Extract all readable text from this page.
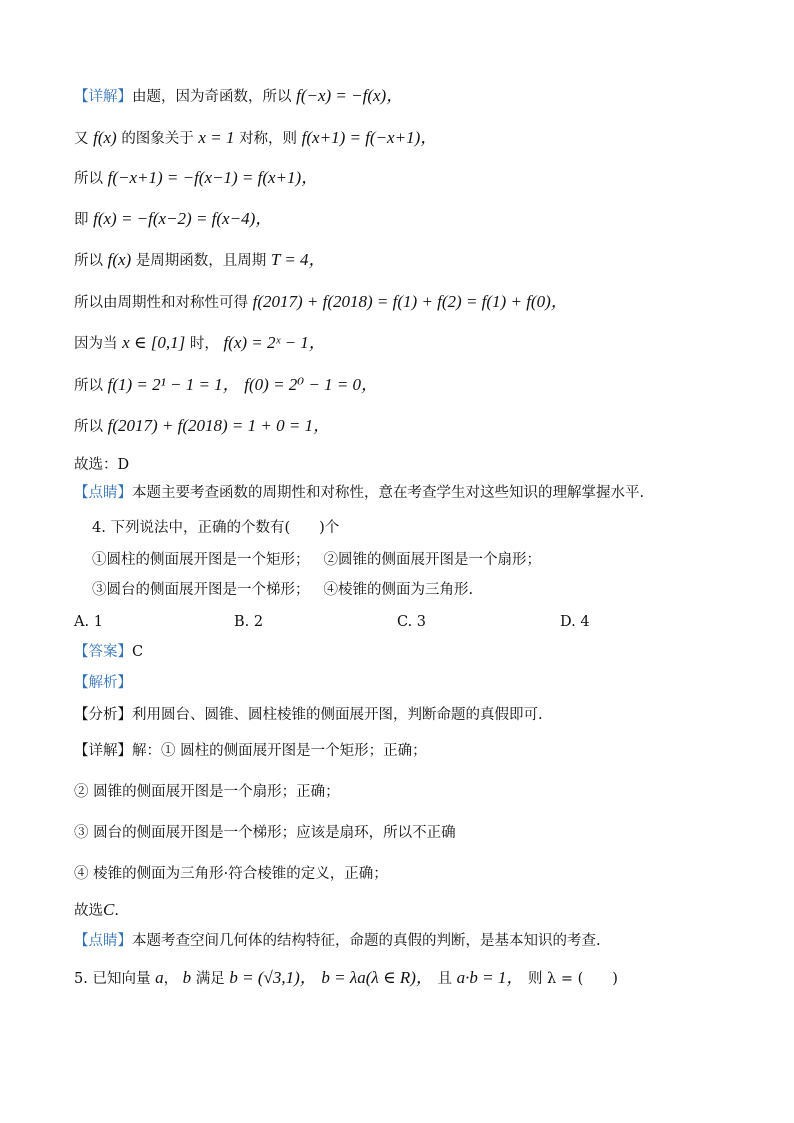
【详解】由题，因为奇函数，所以 f(−x) = −f(x)，
又 f(x) 的图象关于 x = 1 对称，则 f(x+1) = f(−x+1)，
所以 f(−x+1) = −f(x−1) = f(x+1)，
即 f(x) = −f(x−2) = f(x−4)，
所以 f(x) 是周期函数，且周期 T = 4，
所以由周期性和对称性可得 f(2017) + f(2018) = f(1) + f(2) = f(1) + f(0)，
因为当 x ∈ [0,1] 时， f(x) = 2ˣ − 1，
所以 f(1) = 2¹ − 1 = 1， f(0) = 2⁰ − 1 = 0，
所以 f(2017) + f(2018) = 1 + 0 = 1，
故选：D
【点睛】本题主要考查函数的周期性和对称性，意在考查学生对这些知识的理解掌握水平.
4. 下列说法中，正确的个数有(　　)个
①圆柱的侧面展开图是一个矩形； ②圆锥的侧面展开图是一个扇形；
③圆台的侧面展开图是一个梯形； ④棱锥的侧面为三角形.
A. 1	B. 2	C. 3	D. 4
【答案】C
【解析】
【分析】利用圆台、圆锥、圆柱棱锥的侧面展开图，判断命题的真假即可.
【详解】解：① 圆柱的侧面展开图是一个矩形；正确；
② 圆锥的侧面展开图是一个扇形；正确；
③ 圆台的侧面展开图是一个梯形；应该是扇环，所以不正确
④ 棱锥的侧面为三角形·符合棱锥的定义，正确；
故选C.
【点睛】本题考查空间几何体的结构特征，命题的真假的判断，是基本知识的考查.
5. 已知向量 a， b 满足 b = (√3,1)， b = λa(λ ∈ R)， 且 a·b = 1， 则 λ = (　　)
